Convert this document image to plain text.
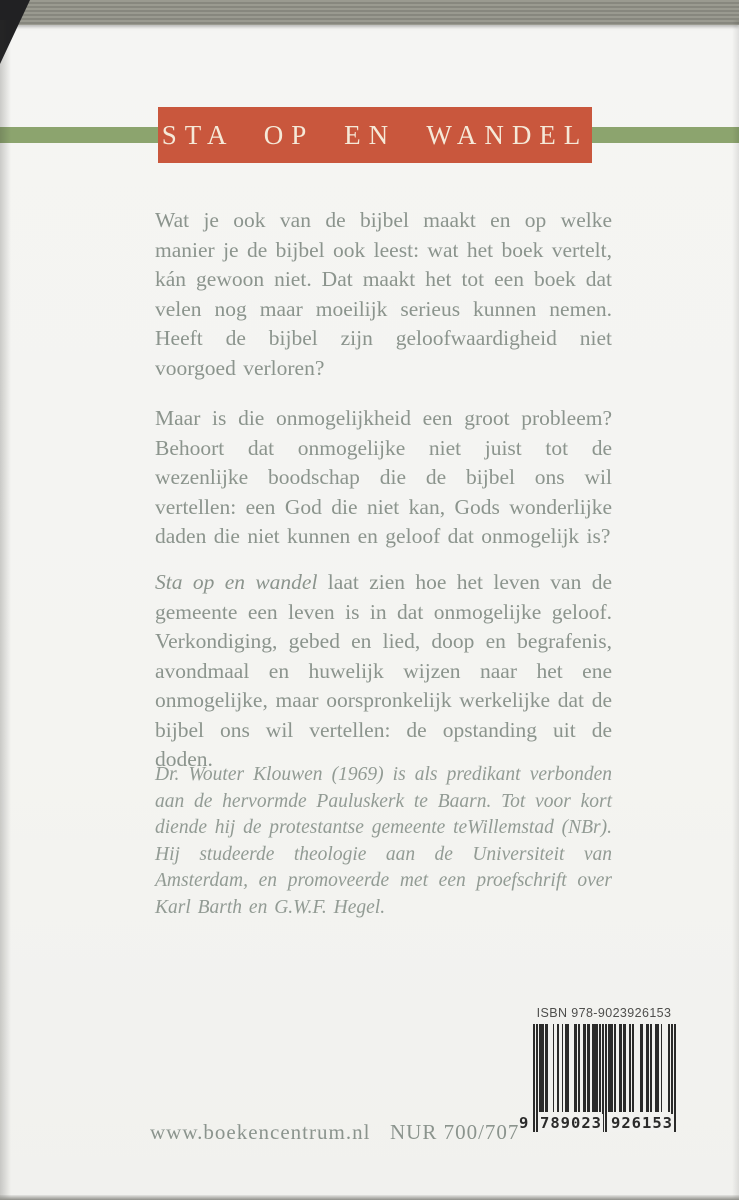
STA OP EN WANDEL

Wat je ook van de bijbel maakt en op welke manier je de bijbel ook leest: wat het boek vertelt, kán gewoon niet. Dat maakt het tot een boek dat velen nog maar moeilijk serieus kunnen nemen. Heeft de bijbel zijn geloofwaardigheid niet voorgoed verloren?

Maar is die onmogelijkheid een groot probleem? Behoort dat onmogelijke niet juist tot de wezenlijke boodschap die de bijbel ons wil vertellen: een God die niet kan, Gods wonderlijke daden die niet kunnen en geloof dat onmogelijk is?

Sta op en wandel laat zien hoe het leven van de gemeente een leven is in dat onmogelijke geloof. Verkondiging, gebed en lied, doop en begrafenis, avondmaal en huwelijk wijzen naar het ene onmogelijke, maar oorspronkelijk werkelijke dat de bijbel ons wil vertellen: de opstanding uit de doden.

Dr. Wouter Klouwen (1969) is als predikant verbonden aan de hervormde Pauluskerk te Baarn. Tot voor kort diende hij de protestantse gemeente teWillemstad (NBr). Hij studeerde theologie aan de Universiteit van Amsterdam, en promoveerde met een proefschrift over Karl Barth en G.W.F. Hegel.

ISBN 978-9023926153
9 789023 926153
www.boekencentrum.nl NUR 700/707
